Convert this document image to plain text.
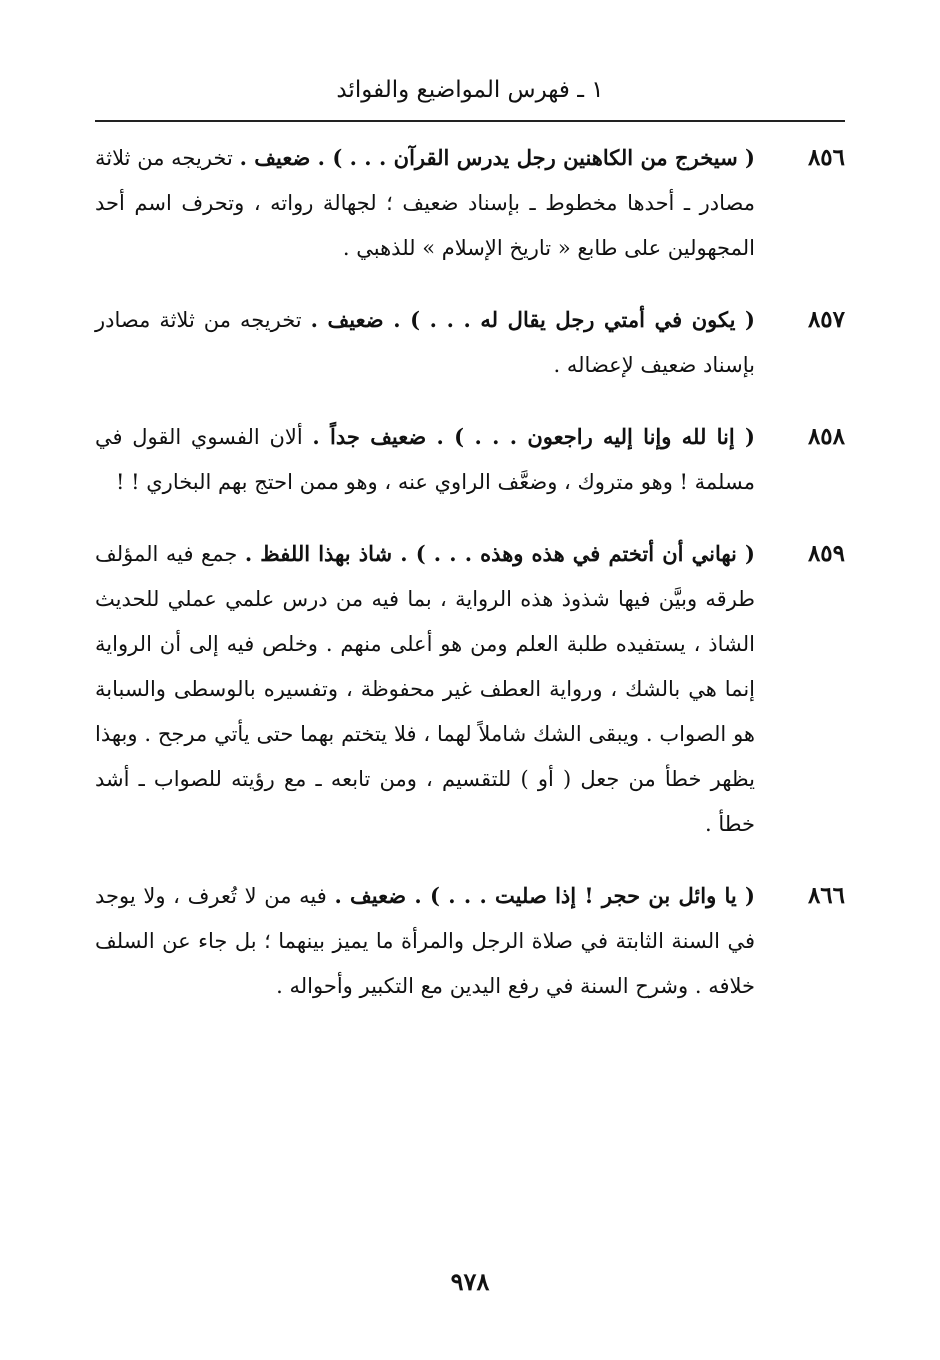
١ ـ فهرس المواضيع والفوائد
٨٥٦
( سيخرج من الكاهنين رجل يدرس القرآن . . . ) . ضعيف . تخريجه من ثلاثة مصادر ـ أحدها مخطوط ـ بإسناد ضعيف ؛ لجهالة رواته ، وتحرف اسم أحد المجهولين على طابع « تاريخ الإسلام » للذهبي .
٨٥٧
( يكون في أمتي رجل يقال له . . . ) . ضعيف . تخريجه من ثلاثة مصادر بإسناد ضعيف لإعضاله .
٨٥٨
( إنا لله وإنا إليه راجعون . . . ) . ضعيف جداً . ألان الفسوي القول في مسلمة ! وهو متروك ، وضعَّف الراوي عنه ، وهو ممن احتج بهم البخاري ! !
٨٥٩
( نهاني أن أتختم في هذه وهذه . . . ) . شاذ بهذا اللفظ . جمع فيه المؤلف طرقه وبيَّن فيها شذوذ هذه الرواية ، بما فيه من درس علمي عملي للحديث الشاذ ، يستفيده طلبة العلم ومن هو أعلى منهم . وخلص فيه إلى أن الرواية إنما هي بالشك ، ورواية العطف غير محفوظة ، وتفسيره بالوسطى والسبابة هو الصواب . ويبقى الشك شاملاً لهما ، فلا يتختم بهما حتى يأتي مرجح . وبهذا يظهر خطأ من جعل ( أو ) للتقسيم ، ومن تابعه ـ مع رؤيته للصواب ـ أشد خطأ .
٨٦٦
( يا وائل بن حجر ! إذا صليت . . . ) . ضعيف . فيه من لا تُعرف ، ولا يوجد في السنة الثابتة في صلاة الرجل والمرأة ما يميز بينهما ؛ بل جاء عن السلف خلافه . وشرح السنة في رفع اليدين مع التكبير وأحواله .
٩٧٨
